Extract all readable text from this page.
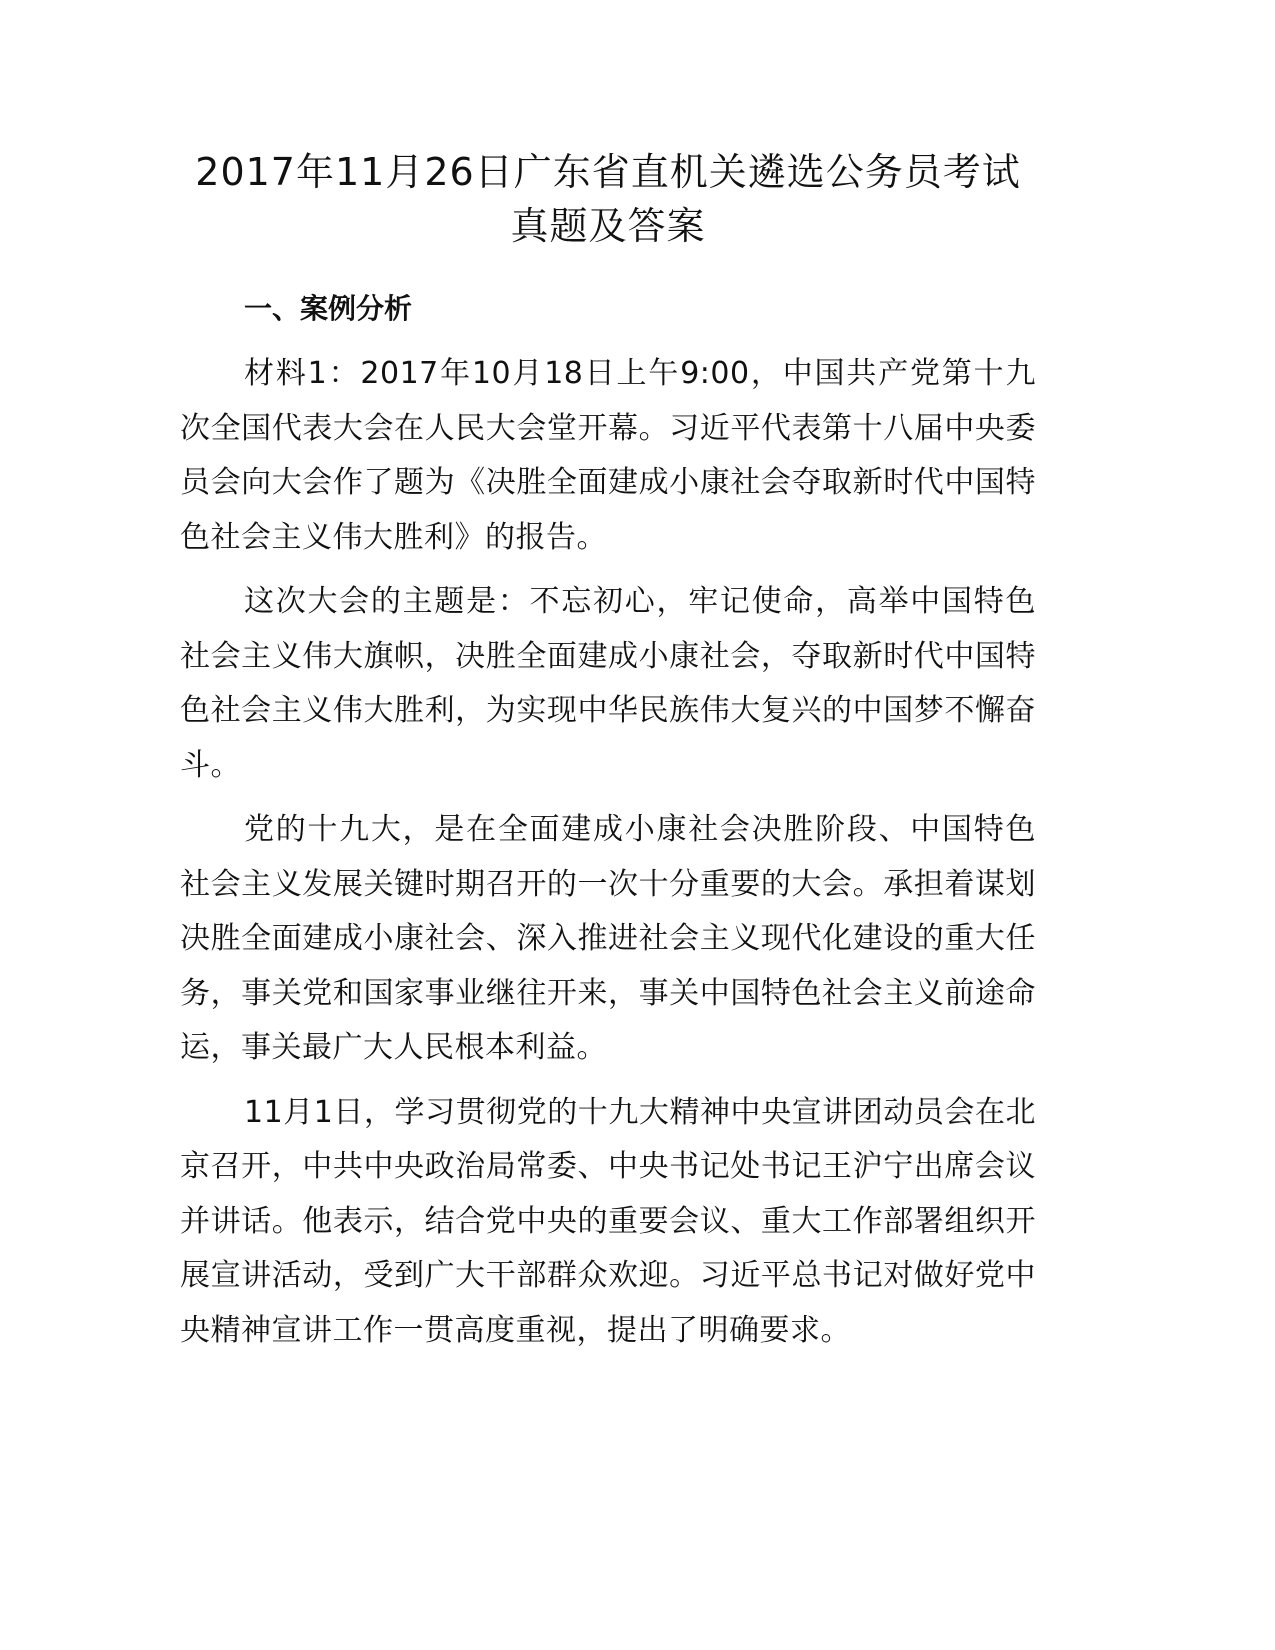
2017年11月26日广东省直机关遴选公务员考试真题及答案
一、案例分析

材料1：2017年10月18日上午9:00，中国共产党第十九次全国代表大会在人民大会堂开幕。习近平代表第十八届中央委员会向大会作了题为《决胜全面建成小康社会夺取新时代中国特色社会主义伟大胜利》的报告。

这次大会的主题是：不忘初心，牢记使命，高举中国特色社会主义伟大旗帜，决胜全面建成小康社会，夺取新时代中国特色社会主义伟大胜利，为实现中华民族伟大复兴的中国梦不懈奋斗。

党的十九大，是在全面建成小康社会决胜阶段、中国特色社会主义发展关键时期召开的一次十分重要的大会。承担着谋划决胜全面建成小康社会、深入推进社会主义现代化建设的重大任务，事关党和国家事业继往开来，事关中国特色社会主义前途命运，事关最广大人民根本利益。

11月1日，学习贯彻党的十九大精神中央宣讲团动员会在北京召开，中共中央政治局常委、中央书记处书记王沪宁出席会议并讲话。他表示，结合党中央的重要会议、重大工作部署组织开展宣讲活动，受到广大干部群众欢迎。习近平总书记对做好党中央精神宣讲工作一贯高度重视，提出了明确要求。
